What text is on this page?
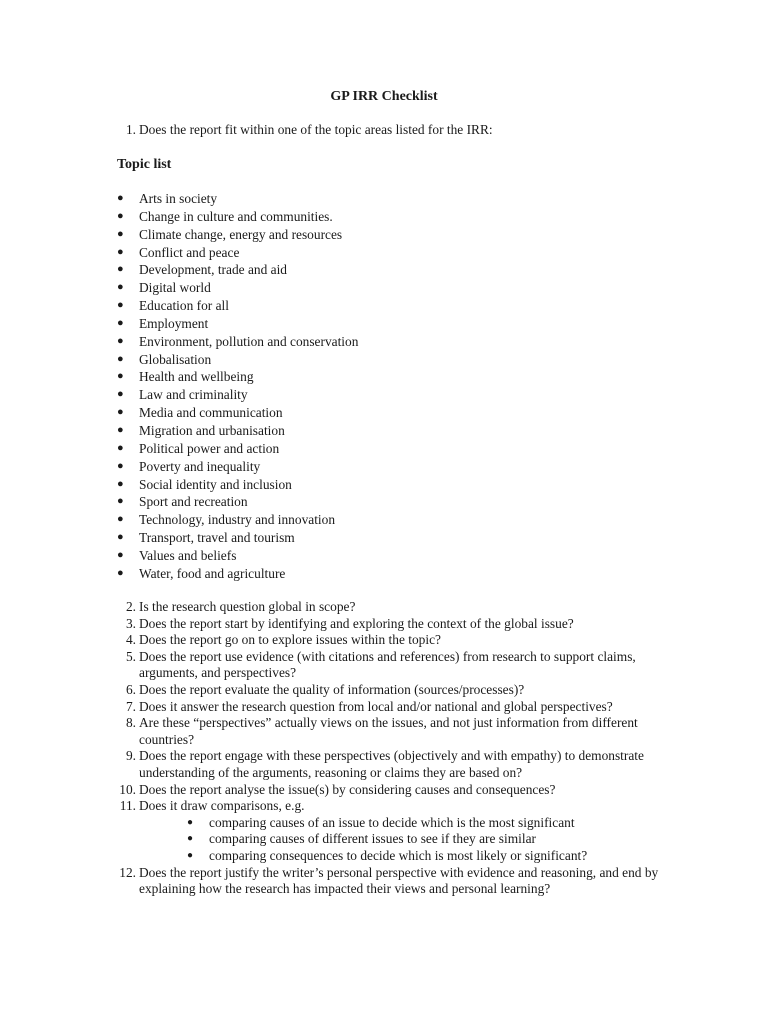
GP IRR Checklist
1. Does the report fit within one of the topic areas listed for the IRR:
Topic list
● Arts in society
● Change in culture and communities.
● Climate change, energy and resources
● Conflict and peace
● Development, trade and aid
● Digital world
● Education for all
● Employment
● Environment, pollution and conservation
● Globalisation
● Health and wellbeing
● Law and criminality
● Media and communication
● Migration and urbanisation
● Political power and action
● Poverty and inequality
● Social identity and inclusion
● Sport and recreation
● Technology, industry and innovation
● Transport, travel and tourism
● Values and beliefs
● Water, food and agriculture
2. Is the research question global in scope?
3. Does the report start by identifying and exploring the context of the global issue?
4. Does the report go on to explore issues within the topic?
5. Does the report use evidence (with citations and references) from research to support claims, arguments, and perspectives?
6. Does the report evaluate the quality of information (sources/processes)?
7. Does it answer the research question from local and/or national and global perspectives?
8. Are these “perspectives” actually views on the issues, and not just information from different countries?
9. Does the report engage with these perspectives (objectively and with empathy) to demonstrate understanding of the arguments, reasoning or claims they are based on?
10. Does the report analyse the issue(s) by considering causes and consequences?
11. Does it draw comparisons, e.g.
● comparing causes of an issue to decide which is the most significant
● comparing causes of different issues to see if they are similar
● comparing consequences to decide which is most likely or significant?
12. Does the report justify the writer’s personal perspective with evidence and reasoning, and end by explaining how the research has impacted their views and personal learning?
